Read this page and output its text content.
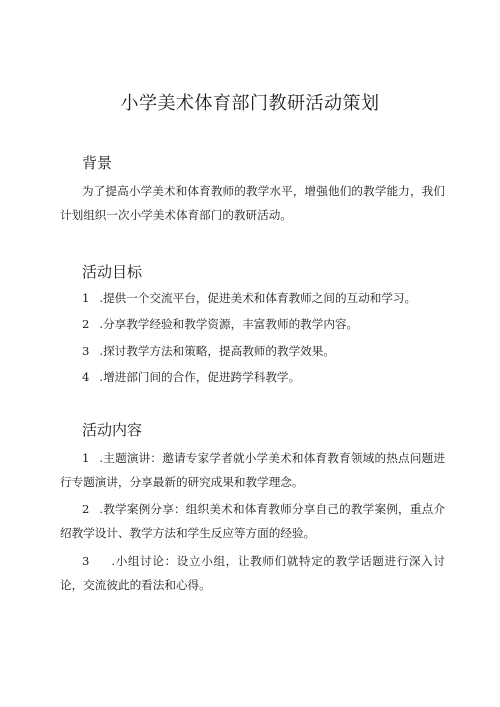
小学美术体育部门教研活动策划
背景
为了提高小学美术和体育教师的教学水平，增强他们的教学能力，我们计划组织一次小学美术体育部门的教研活动。
活动目标
1 .提供一个交流平台，促进美术和体育教师之间的互动和学习。
2 .分享教学经验和教学资源，丰富教师的教学内容。
3 .探讨教学方法和策略，提高教师的教学效果。
4 .增进部门间的合作，促进跨学科教学。
活动内容
1 .主题演讲：邀请专家学者就小学美术和体育教育领域的热点问题进行专题演讲，分享最新的研究成果和教学理念。
2 .教学案例分享：组织美术和体育教师分享自己的教学案例，重点介绍教学设计、教学方法和学生反应等方面的经验。
3 .小组讨论：设立小组，让教师们就特定的教学话题进行深入讨论，交流彼此的看法和心得。
